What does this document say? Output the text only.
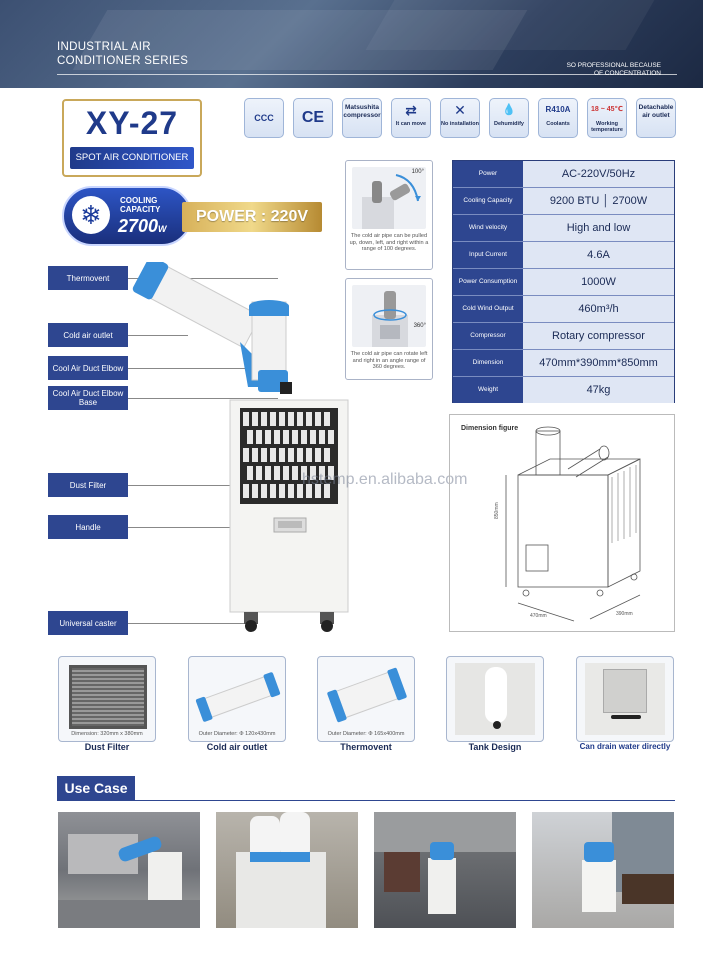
INDUSTRIAL AIR
CONDITIONER SERIES	SO PROFESSIONAL BECAUSE
OF CONCENTRATION
XY-27
SPOT AIR CONDITIONER
❄	COOLING
CAPACITY
2700W
POWER : 220V
CCC	CE
Matsushita compressor	⇄
It can move
✕
No installation
💧
Dehumidify
R410A
Coolants
18 ~ 45℃
Working temperature
Detachable air outlet
100°
The cold air pipe can be pulled up, down, left, and right within a range of 100 degrees.
360°
The cold air pipe can rotate left and right in an angle range of 360 degrees.
Power	AC-220V/50Hz
Cooling Capacity	9200 BTU │ 2700W
Wind velocity	High and low
Input Current	4.6A
Power Consumption	1000W
Cold Wind Output	460m³/h
Compressor	Rotary compressor
Dimension	470mm*390mm*850mm
Weight	47kg
Thermovent
Cold air outlet
Cool Air Duct Elbow
Cool Air Duct Elbow Base
Dust Filter
Handle
Universal caster
hstemp.en.alibaba.com
Dimension figure
850mm
470mm	390mm
Dimension: 320mm x 380mm
Dust Filter
Outer Diameter: Φ 120x430mm
Cold air outlet
Outer Diameter: Φ 165x400mm
Thermovent	Tank Design	Can drain water directly
Use Case
